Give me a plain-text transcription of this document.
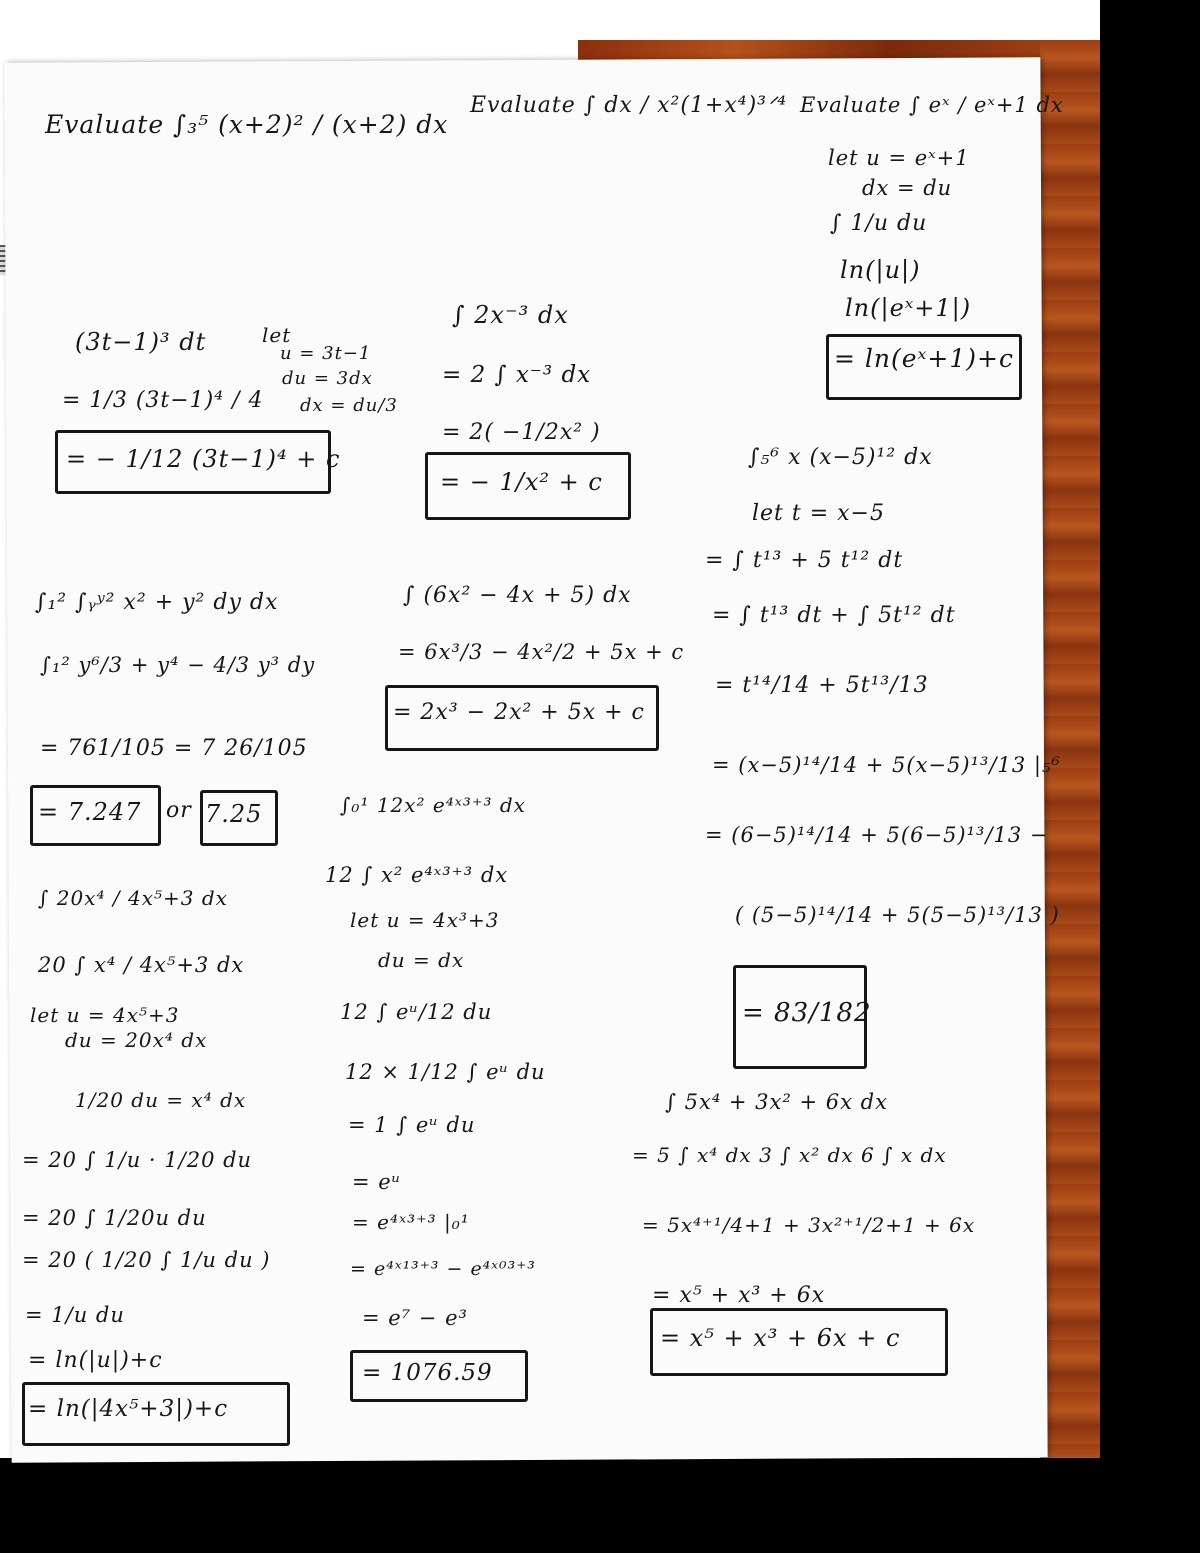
Evaluate ∫₃⁵ (x+2)² / (x+2) dx
Evaluate ∫ dx / x²(1+x⁴)³ᐟ⁴ Evaluate ∫ eˣ / eˣ+1 dx
let u = eˣ+1
dx = du
∫ 1/u du
ln(|u|)
ln(|eˣ+1|)
= ln(eˣ+1)+c
(3t−1)³ dt	let
u = 3t−1
du = 3dx
dx = du/3
= 1/3 (3t−1)⁴ / 4
= − 1/12 (3t−1)⁴ + c
∫ 2x⁻³ dx
= 2 ∫ x⁻³ dx
= 2( −1/2x² )
= − 1/x² + c
∫₅⁶ x (x−5)¹² dx
let t = x−5
= ∫ t¹³ + 5 t¹² dt
= ∫ t¹³ dt + ∫ 5t¹² dt
= t¹⁴/14 + 5t¹³/13
= (x−5)¹⁴/14 + 5(x−5)¹³/13 |₅⁶
= (6−5)¹⁴/14 + 5(6−5)¹³/13 −
( (5−5)¹⁴/14 + 5(5−5)¹³/13 )
= 83/182
∫₁² ∫ᵧʸ² x² + y² dy dx
∫₁² y⁶/3 + y⁴ − 4/3 y³ dy
= 761/105 = 7 26/105
= 7.247 or 7.25
∫ (6x² − 4x + 5) dx
= 6x³/3 − 4x²/2 + 5x + c
= 2x³ − 2x² + 5x + c
∫ 20x⁴ / 4x⁵+3 dx
20 ∫ x⁴ / 4x⁵+3 dx
let u = 4x⁵+3
du = 20x⁴ dx
1/20 du = x⁴ dx
= 20 ∫ 1/u · 1/20 du
= 20 ∫ 1/20u du
= 20 ( 1/20 ∫ 1/u du )
= 1/u du
= ln(|u|)+c
= ln(|4x⁵+3|)+c
∫₀¹ 12x² e⁴ˣ³⁺³ dx
12 ∫ x² e⁴ˣ³⁺³ dx
let u = 4x³+3
du = dx
12 ∫ eᵘ/12 du
12 × 1/12 ∫ eᵘ du
= 1 ∫ eᵘ du
= eᵘ
= e⁴ˣ³⁺³ |₀¹
= e⁴ˣ¹³⁺³ − e⁴ˣ⁰³⁺³
= e⁷ − e³
= 1076.59
∫ 5x⁴ + 3x² + 6x dx
= 5 ∫ x⁴ dx 3 ∫ x² dx 6 ∫ x dx
= 5x⁴⁺¹/4+1 + 3x²⁺¹/2+1 + 6x
= x⁵ + x³ + 6x
= x⁵ + x³ + 6x + c
